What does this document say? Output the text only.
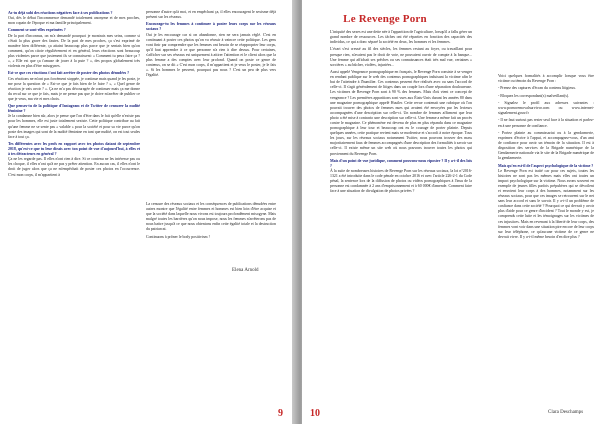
As-tu déjà subi des réactions négatives face à ses publications ?

Oui, dès le début l'incommence demandé totalement anonyme et de mes proches, mon copain de l'époque et ma famille principalement.

Comment se sont-elles exprimées ?

De la part d'inconnus, on m'a demandé pourquoi je montrais mes seins, comme si c'était la plus grave des fautes. De la part de mes proches, ça s'est exprimé de manière bien différente, ça attaint beaucoup plus parce que je sentais bien qu'on comment, qu'on citoie régulièrement et en général, leurs réactions sont beaucoup plus violentes parce que justement ils se connaissent: « Comment tu peux faire ça ? », « Elle est que ça t'amuse de jouer à la pute ? », des propos globalement très violents en plus d'être misogynes.

Est-ce que ces réactions t'ont fait arrêter de poster des photos dénudées ?

Ces réactions ne m'ont pas forcément stoppée, je continue mais quand je les poste, je me pose la question de « Est-ce que je fais bien de le faire ? », « Quel genre de réaction je vais avoir ? ». Ça ne m'a pas découragée de continuer mais ça me donne du recul sur ce que je fais, mais je ne pense pas que je doive m'arrêter de publier ce que je veux, ma vie et mes choix.

Que penses-tu de la politique d'Instagram et de Twitter de censurer la nudité féminine ?

Je la condamne bien sûr, alors je pense que l'on d'être dans le fait qu'elle n'existe pas pour les hommes, elle est juste totalement sexiste. Cette politique contribue au fait qu'une femme ne se sente pas « valable » pour la société et pour sa vie parce qu'on poste des images qui sont de la nudité féminine en tant que nudité, on est tout seules face à tout ça.

Tes différentes avec les profs en rapport avec tes photos datant de septembre 2018, qu'est-ce que tu leur dirais avec ton point de vue d'aujourd'hui, à elles et à tes détracteurs en général ?

Ça ne les regarde pas. Il elles n'ont rien à dire. Si ce contenu ne les intéresse pas ou les choque, il elles n'ont qu'à ne pas y prêter attention. En aucun cas, il elles n'ont le droit de juger alors que ça ne m'empêchait de poster ces photos en l'occurrence. C'est mon corps, il m'appartient à

personne d'autre qu'à moi, et en empêchant ça, il elles encouragent le sexisme déjà présent sur les réseaux.

Encourage-tu les femmes à continuer à poster leurs corps sur les réseaux sociaux ?

Oui je les encourage car si on abandonne, rien ne sera jamais réglé. C'est en continuant à poster ces photos qu'on va réussir à vaincre cette politique. Les gens vont finir par comprendre que les femmes ont besoin de se réapproprier leur corps, qu'il faut apprendre à ce que personne n'a rien à dire dessus. Pour certaines, s'afficher sur ses réseaux est uniquement à attirer l'attention et le client alors que la plus femme a des comptes avec leur profond. Quand on poste ce genre de contenus, on se dit « C'est mon corps, il m'appartient et je veux le poster, je le fais ». Si les hommes le peuvent, pourquoi pas nous ? C'est un peu de plus vers l'égalité.

La censure des réseaux sociaux et les conséquences de publications dénudées entre autres montre que l'égalité entre femmes et hommes est bien loin d'être acquise et que la société dans laquelle nous vivons est toujours profondément misogyne. Mais malgré toutes les barrières qu'on nous impose, nous les femmes n'arrêterons pas de nous battre jusqu'à ce que nous obtenions enfin cette égalité totale et la destruction du patriarcat.

Continuons à prôner le body positivism !

Elena Arnold
9	10

L'iniquité des sexes est une dette née à l'apparition de l'agriculture, lorsqu'il a fallu gérer un grand nombre de ressources. Les tâches ont été réparties en fonction des capacités des individus, ce qui a donc séparé la société en deux, les hommes et les femmes.

L'écart s'est creusé au fil des siècles, les femmes restant au foyer, ou travaillant pour presque rien, n'avaient pas le droit de vote, ne pouvaient ouvrir de compte à la banque... Une femme qui affichait ses prêches ou ses connaissances était très mal vue, certaines « sorcières » au bûcher, violées, injuriées...

Aussi appelé Vengeance pornographique en français, le Revenge Porn consiste à se venger en rendant publique sur le web des contenus pornographiques induisant la victime afin le but de l'atteindre à l'humilier. Ces contenus peuvent être réalisés avec ou sans l'accord de celle-ci. Il s'agit généralement de litiges dans un couple lors d'une séparation douloureuse. Les victimes de Revenge Porn sont à 90 % des femmes. Mais d'où vient ce concept de vengeance ? Les premières apparitions sont vues aux États-Unis durant les années 80 dans une magazine pornographique appelé Hustler. Cette revue contenait une rubrique où l'on pouvait trouver des photos de femmes nues qui avaient été envoyées par les lecteurs accompagnées d'une description sur celle-ci. Un nombre de femmes affirment que leur photo a été mise à contrario une description sur celle-ci. Une femme a même fait un procès contre le magazine. Ce phénomène est devenu de plus en plus répandu dans ce magazine pornographique à leur tour et beaucoup ont eu le courage de porter plainte. Depuis quelques années, cette pratique revient mais se modernise et s'accroît à notre époque. Tous les jours, sur les réseaux sociaux notamment Twitter, nous pouvons trouver des mass majoritairement faux de femmes accompagnés d'une description des formalités à savoir sur celle-ci. Il existe même un site web où nous pouvons trouver toutes les photos qui proviennent du Revenge Porn.

Mais d'un point de vue juridique, comment pouvons-nous riposter ? Il y a-t-il des lois ?

À la suite de nombreuses histoires de Revenge Porn sur les réseaux sociaux, la loi n°2016-1321 a été introduite dans le code pénale en octobre 2016 et avec l'article 226-2-1 du Code pénal, la sentence lors de la diffusion de photos ou vidéos pornographiques à l'insu de la personne est condamnée à 2 ans d'emprisonnement et à 60 000€ d'amende. Comment faire face à une situation de divulgation de photos privées ?

Voici quelques formalités à accomplir lorsque vous être victime ou témoin du Revenge Porn :

- Prenez des captures d'écran du contenu litigieux.

- Bloquez les correspondant(s) malveillant(s).

- Signalez le profil aux adresses suivantes : www.pornoremovalsurvivor.com ou www.internet-signalement.gouv.fr

- Il ne faut surtout pas rester seul face à la situation et parlez-en à une personne de confiance.

- Portez plainte au commissariat ou à la gendarmerie, exprimez d'écrire à l'appui, et accompagnez-vous, d'un ami de confiance pour avoir un témoin de la situation. Il est à disposition des services de la Brigade numérique de la Gendarmerie nationale via le site de la Brigade numérique de la gendarmerie.

Mais qu'en est-il de l'aspect psychologique de la victime ?

Le Revenge Porn est traité car pour ces sujets, toutes les histoires ne sont pas les mêmes mais elles ont toutes un impact psychologique sur la victime. Nous avons souvent en exemple de jeunes filles parfois prépubères qui se dévoilent et envoient leur corps à des hommes, notamment sur les réseaux sociaux, pour que ces images se retrouvent sur le net sans leur accord et sans le savoir. Il y a-t-il un problème de confiance dans cette société ? Pourquoi ce qui devrait y avoir plus d'aide pour ce genre d'incident ? Tout le monde y est, je comprends cette lutte et les témoignages sur les victimes de ces injustices. Mais en revenant à la liberté de leur corps, des femmes vont voir dans une situation pire encore de leur corps sur leur téléphone, ce qu'aucune victime de ce genre ne devrait vivre. Il y a-t-il même besoin d'en dire plus ?

Clara Deschamps
Le Revenge Porn
